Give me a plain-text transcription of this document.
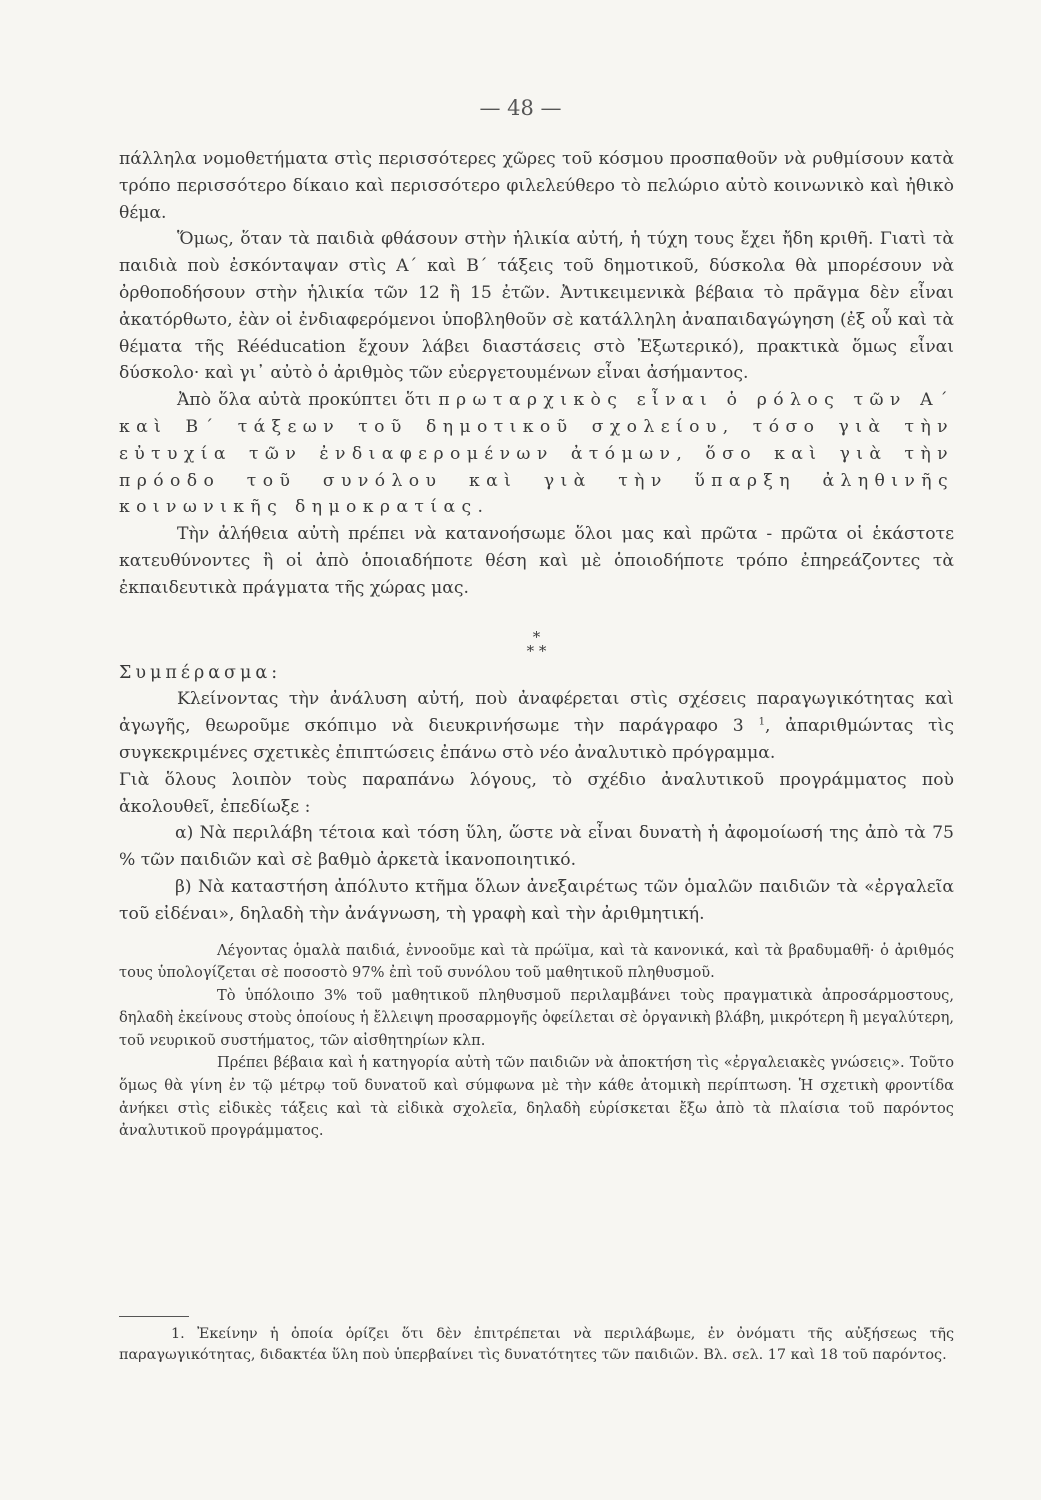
— 48 —

πάλληλα νομοθετήματα στὶς περισσότερες χῶρες τοῦ κόσμου προσπαθοῦν νὰ ρυθμίσουν κατὰ τρόπο περισσότερο δίκαιο καὶ περισσότερο φιλελεύθερο τὸ πελώριο αὐτὸ κοινωνικὸ καὶ ἠθικὸ θέμα.

Ὅμως, ὅταν τὰ παιδιὰ φθάσουν στὴν ἡλικία αὐτή, ἡ τύχη τους ἔχει ἤδη κριθῆ. Γιατὶ τὰ παιδιὰ ποὺ ἐσκόνταψαν στὶς Α΄ καὶ Β΄ τάξεις τοῦ δημοτικοῦ, δύσκολα θὰ μπορέσουν νὰ ὀρθοποδήσουν στὴν ἡλικία τῶν 12 ἢ 15 ἐτῶν. Ἀντικειμενικὰ βέβαια τὸ πρᾶγμα δὲν εἶναι ἀκατόρθωτο, ἐὰν οἱ ἐνδιαφερόμενοι ὑποβληθοῦν σὲ κατάλληλη ἀναπαιδαγώγηση (ἐξ οὗ καὶ τὰ θέματα τῆς Rééducation ἔχουν λάβει διαστάσεις στὸ Ἐξωτερικό), πρακτικὰ ὅμως εἶναι δύσκολο· καὶ γι᾿ αὐτὸ ὁ ἀριθμὸς τῶν εὐεργετουμένων εἶναι ἀσήμαντος.

Ἀπὸ ὅλα αὐτὰ προκύπτει ὅτι πρωταρχικὸς εἶναι ὁ ρόλος τῶν Α΄ καὶ Β΄ τάξεων τοῦ δημοτικοῦ σχολείου, τόσο γιὰ τὴν εὐτυχία τῶν ἐνδιαφερομένων ἀτόμων, ὅσο καὶ γιὰ τὴν πρόοδο τοῦ συνόλου καὶ γιὰ τὴν ὕπαρξη ἀληθινῆς κοινωνικῆς δημοκρατίας.

Τὴν ἀλήθεια αὐτὴ πρέπει νὰ κατανοήσωμε ὅλοι μας καὶ πρῶτα - πρῶτα οἱ ἑκάστοτε κατευθύνοντες ἢ οἱ ἀπὸ ὁποιαδήποτε θέση καὶ μὲ ὁποιοδήποτε τρόπο ἐπηρεάζοντες τὰ ἐκπαιδευτικὰ πράγματα τῆς χώρας μας.

*
* *

Συμπέρασμα:

Κλείνοντας τὴν ἀνάλυση αὐτή, ποὺ ἀναφέρεται στὶς σχέσεις παραγωγικότητας καὶ ἀγωγῆς, θεωροῦμε σκόπιμο νὰ διευκρινήσωμε τὴν παράγραφο 3 $^1$, ἀπαριθμώντας τὶς συγκεκριμένες σχετικὲς ἐπιπτώσεις ἐπάνω στὸ νέο ἀναλυτικὸ πρόγραμμα.

Γιὰ ὅλους λοιπὸν τοὺς παραπάνω λόγους, τὸ σχέδιο ἀναλυτικοῦ προγράμματος ποὺ ἀκολουθεῖ, ἐπεδίωξε :

α) Νὰ περιλάβη τέτοια καὶ τόση ὕλη, ὥστε νὰ εἶναι δυνατὴ ἡ ἀφομοίωσή της ἀπὸ τὰ 75 % τῶν παιδιῶν καὶ σὲ βαθμὸ ἀρκετὰ ἱκανοποιητικό.

β) Νὰ καταστήση ἀπόλυτο κτῆμα ὅλων ἀνεξαιρέτως τῶν ὁμαλῶν παιδιῶν τὰ «ἐργαλεῖα τοῦ εἰδέναι», δηλαδὴ τὴν ἀνάγνωση, τὴ γραφὴ καὶ τὴν ἀριθμητική.

Λέγοντας ὁμαλὰ παιδιά, ἐννοοῦμε καὶ τὰ πρώϊμα, καὶ τὰ κανονικά, καὶ τὰ βραδυμαθῆ· ὁ ἀριθμός τους ὑπολογίζεται σὲ ποσοστὸ 97% ἐπὶ τοῦ συνόλου τοῦ μαθητικοῦ πληθυσμοῦ.

Τὸ ὑπόλοιπο 3% τοῦ μαθητικοῦ πληθυσμοῦ περιλαμβάνει τοὺς πραγματικὰ ἀπροσάρμοστους, δηλαδὴ ἐκείνους στοὺς ὁποίους ἡ ἔλλειψη προσαρμογῆς ὀφείλεται σὲ ὀργανικὴ βλάβη, μικρότερη ἢ μεγαλύτερη, τοῦ νευρικοῦ συστήματος, τῶν αἰσθητηρίων κλπ.

Πρέπει βέβαια καὶ ἡ κατηγορία αὐτὴ τῶν παιδιῶν νὰ ἀποκτήση τὶς «ἐργαλειακὲς γνώσεις». Τοῦτο ὅμως θὰ γίνη ἐν τῷ μέτρῳ τοῦ δυνατοῦ καὶ σύμφωνα μὲ τὴν κάθε ἀτομικὴ περίπτωση. Ἡ σχετικὴ φροντίδα ἀνήκει στὶς εἰδικὲς τάξεις καὶ τὰ εἰδικὰ σχολεῖα, δηλαδὴ εὑρίσκεται ἔξω ἀπὸ τὰ πλαίσια τοῦ παρόντος ἀναλυτικοῦ προγράμματος.

1. Ἐκείνην ἡ ὁποία ὁρίζει ὅτι δὲν ἐπιτρέπεται νὰ περιλάβωμε, ἐν ὀνόματι τῆς αὐξήσεως τῆς παραγωγικότητας, διδακτέα ὕλη ποὺ ὑπερβαίνει τὶς δυνατότητες τῶν παιδιῶν. Βλ. σελ. 17 καὶ 18 τοῦ παρόντος.
